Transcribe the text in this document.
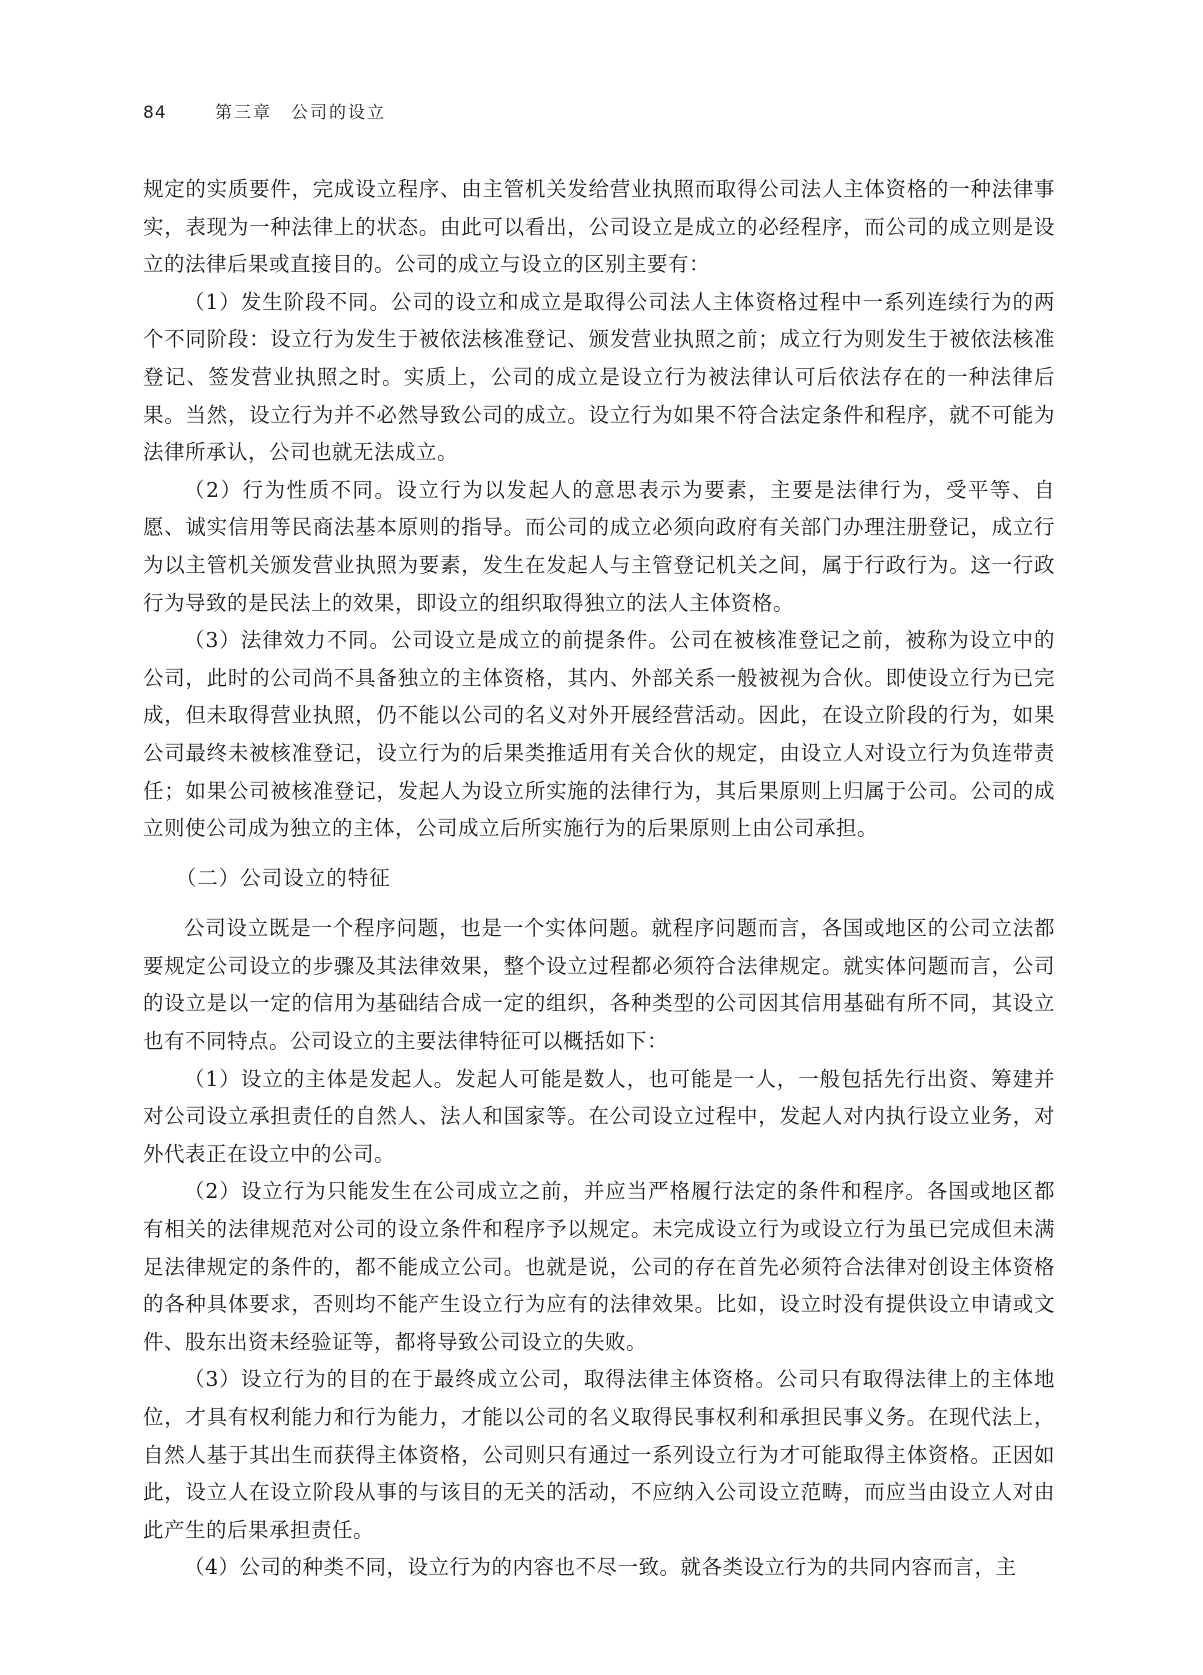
84	第三章　公司的设立

规定的实质要件，完成设立程序、由主管机关发给营业执照而取得公司法人主体资格的一种法律事实，表现为一种法律上的状态。由此可以看出，公司设立是成立的必经程序，而公司的成立则是设立的法律后果或直接目的。公司的成立与设立的区别主要有：

（1）发生阶段不同。公司的设立和成立是取得公司法人主体资格过程中一系列连续行为的两个不同阶段：设立行为发生于被依法核准登记、颁发营业执照之前；成立行为则发生于被依法核准登记、签发营业执照之时。实质上，公司的成立是设立行为被法律认可后依法存在的一种法律后果。当然，设立行为并不必然导致公司的成立。设立行为如果不符合法定条件和程序，就不可能为法律所承认，公司也就无法成立。

（2）行为性质不同。设立行为以发起人的意思表示为要素，主要是法律行为，受平等、自愿、诚实信用等民商法基本原则的指导。而公司的成立必须向政府有关部门办理注册登记，成立行为以主管机关颁发营业执照为要素，发生在发起人与主管登记机关之间，属于行政行为。这一行政行为导致的是民法上的效果，即设立的组织取得独立的法人主体资格。

（3）法律效力不同。公司设立是成立的前提条件。公司在被核准登记之前，被称为设立中的公司，此时的公司尚不具备独立的主体资格，其内、外部关系一般被视为合伙。即使设立行为已完成，但未取得营业执照，仍不能以公司的名义对外开展经营活动。因此，在设立阶段的行为，如果公司最终未被核准登记，设立行为的后果类推适用有关合伙的规定，由设立人对设立行为负连带责任；如果公司被核准登记，发起人为设立所实施的法律行为，其后果原则上归属于公司。公司的成立则使公司成为独立的主体，公司成立后所实施行为的后果原则上由公司承担。

（二）公司设立的特征

公司设立既是一个程序问题，也是一个实体问题。就程序问题而言，各国或地区的公司立法都要规定公司设立的步骤及其法律效果，整个设立过程都必须符合法律规定。就实体问题而言，公司的设立是以一定的信用为基础结合成一定的组织，各种类型的公司因其信用基础有所不同，其设立也有不同特点。公司设立的主要法律特征可以概括如下：

（1）设立的主体是发起人。发起人可能是数人，也可能是一人，一般包括先行出资、筹建并对公司设立承担责任的自然人、法人和国家等。在公司设立过程中，发起人对内执行设立业务，对外代表正在设立中的公司。

（2）设立行为只能发生在公司成立之前，并应当严格履行法定的条件和程序。各国或地区都有相关的法律规范对公司的设立条件和程序予以规定。未完成设立行为或设立行为虽已完成但未满足法律规定的条件的，都不能成立公司。也就是说，公司的存在首先必须符合法律对创设主体资格的各种具体要求，否则均不能产生设立行为应有的法律效果。比如，设立时没有提供设立申请或文件、股东出资未经验证等，都将导致公司设立的失败。

（3）设立行为的目的在于最终成立公司，取得法律主体资格。公司只有取得法律上的主体地位，才具有权利能力和行为能力，才能以公司的名义取得民事权利和承担民事义务。在现代法上，自然人基于其出生而获得主体资格，公司则只有通过一系列设立行为才可能取得主体资格。正因如此，设立人在设立阶段从事的与该目的无关的活动，不应纳入公司设立范畴，而应当由设立人对由此产生的后果承担责任。

（4）公司的种类不同，设立行为的内容也不尽一致。就各类设立行为的共同内容而言，主
